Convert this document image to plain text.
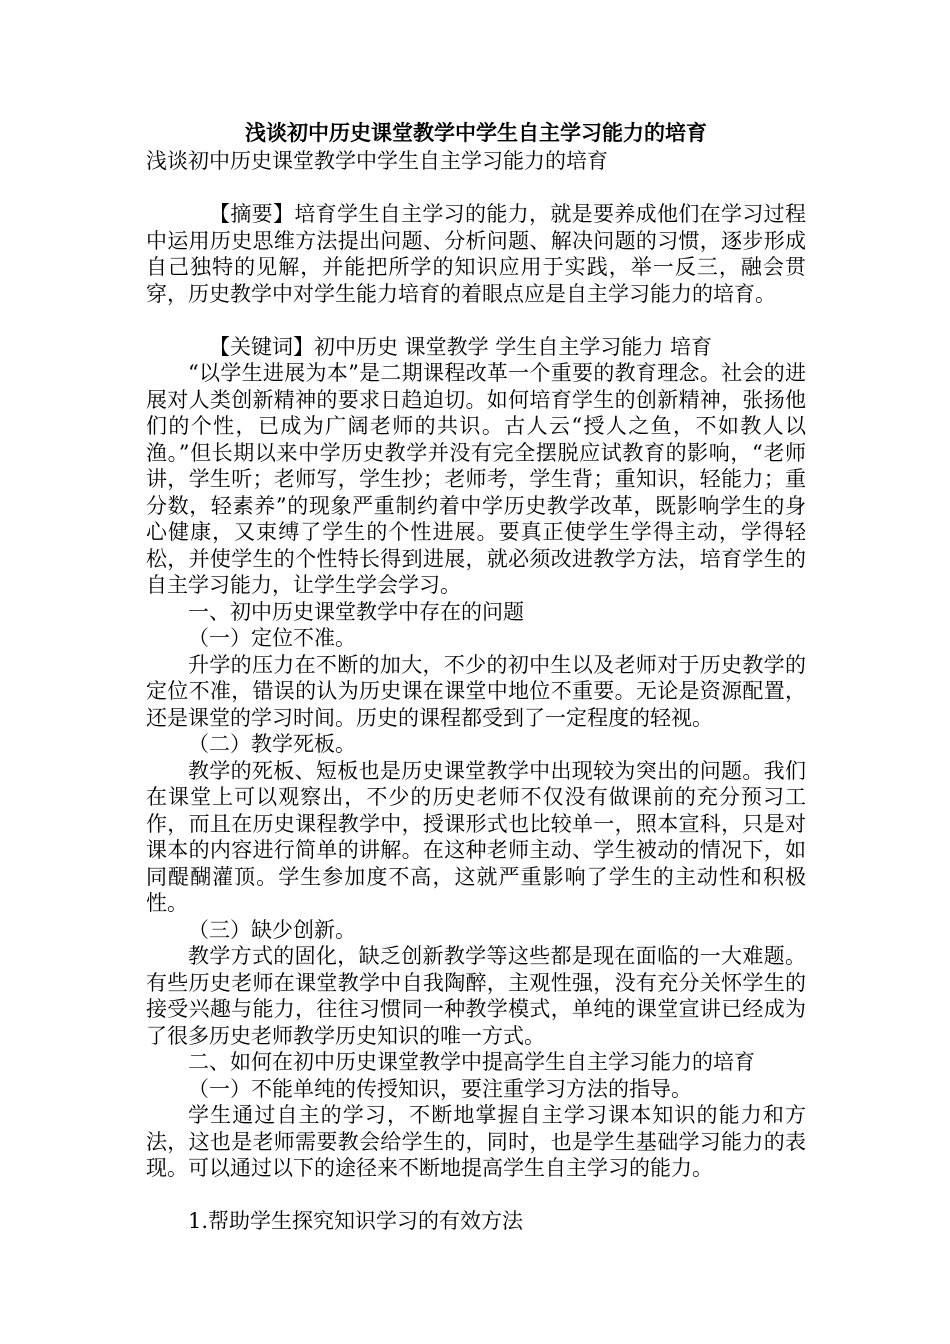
浅谈初中历史课堂教学中学生自主学习能力的培育

浅谈初中历史课堂教学中学生自主学习能力的培育

【摘要】培育学生自主学习的能力，就是要养成他们在学习过程中运用历史思维方法提出问题、分析问题、解决问题的习惯，逐步形成自己独特的见解，并能把所学的知识应用于实践，举一反三，融会贯穿，历史教学中对学生能力培育的着眼点应是自主学习能力的培育。

【关键词】初中历史 课堂教学 学生自主学习能力 培育

“以学生进展为本”是二期课程改革一个重要的教育理念。社会的进展对人类创新精神的要求日趋迫切。如何培育学生的创新精神，张扬他们的个性，已成为广阔老师的共识。古人云“授人之鱼，不如教人以渔。”但长期以来中学历史教学并没有完全摆脱应试教育的影响，“老师讲，学生听；老师写，学生抄；老师考，学生背；重知识，轻能力；重分数，轻素养”的现象严重制约着中学历史教学改革，既影响学生的身心健康，又束缚了学生的个性进展。要真正使学生学得主动，学得轻松，并使学生的个性特长得到进展，就必须改进教学方法，培育学生的自主学习能力，让学生学会学习。

一、初中历史课堂教学中存在的问题

（一）定位不准。

升学的压力在不断的加大，不少的初中生以及老师对于历史教学的定位不准，错误的认为历史课在课堂中地位不重要。无论是资源配置，还是课堂的学习时间。历史的课程都受到了一定程度的轻视。

（二）教学死板。

教学的死板、短板也是历史课堂教学中出现较为突出的问题。我们在课堂上可以观察出，不少的历史老师不仅没有做课前的充分预习工作，而且在历史课程教学中，授课形式也比较单一，照本宣科，只是对课本的内容进行简单的讲解。在这种老师主动、学生被动的情况下，如同醍醐灌顶。学生参加度不高，这就严重影响了学生的主动性和积极性。

（三）缺少创新。

教学方式的固化，缺乏创新教学等这些都是现在面临的一大难题。有些历史老师在课堂教学中自我陶醉，主观性强，没有充分关怀学生的接受兴趣与能力，往往习惯同一种教学模式，单纯的课堂宣讲已经成为了很多历史老师教学历史知识的唯一方式。

二、如何在初中历史课堂教学中提高学生自主学习能力的培育

（一）不能单纯的传授知识，要注重学习方法的指导。

学生通过自主的学习，不断地掌握自主学习课本知识的能力和方法，这也是老师需要教会给学生的，同时，也是学生基础学习能力的表现。可以通过以下的途径来不断地提高学生自主学习的能力。

1.帮助学生探究知识学习的有效方法
